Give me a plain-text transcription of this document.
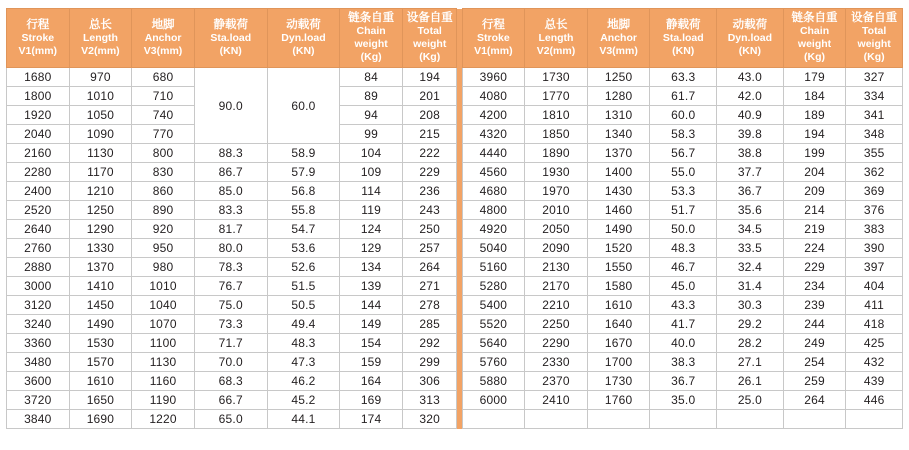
行程
Stroke
V1(mm)	总长
Length
V2(mm)	地脚
Anchor
V3(mm)	静载荷
Sta.load
(KN)	动载荷
Dyn.load
(KN)	链条自重
Chain
weight
(Kg)	设备自重
Total
weight
(Kg)		行程
Stroke
V1(mm)	总长
Length
V2(mm)	地脚
Anchor
V3(mm)	静载荷
Sta.load
(KN)	动载荷
Dyn.load
(KN)	链条自重
Chain
weight
(Kg)	设备自重
Total
weight
(Kg)

1680	970	680	90.0	60.0	84	194		3960	1730	1250	63.3	43.0	179	327
1800	1010	710			89	201		4080	1770	1280	61.7	42.0	184	334
1920	1050	740			94	208		4200	1810	1310	60.0	40.9	189	341
2040	1090	770			99	215		4320	1850	1340	58.3	39.8	194	348
2160	1130	800	88.3	58.9	104	222		4440	1890	1370	56.7	38.8	199	355
2280	1170	830	86.7	57.9	109	229		4560	1930	1400	55.0	37.7	204	362
2400	1210	860	85.0	56.8	114	236		4680	1970	1430	53.3	36.7	209	369
2520	1250	890	83.3	55.8	119	243		4800	2010	1460	51.7	35.6	214	376
2640	1290	920	81.7	54.7	124	250		4920	2050	1490	50.0	34.5	219	383
2760	1330	950	80.0	53.6	129	257		5040	2090	1520	48.3	33.5	224	390
2880	1370	980	78.3	52.6	134	264		5160	2130	1550	46.7	32.4	229	397
3000	1410	1010	76.7	51.5	139	271		5280	2170	1580	45.0	31.4	234	404
3120	1450	1040	75.0	50.5	144	278		5400	2210	1610	43.3	30.3	239	411
3240	1490	1070	73.3	49.4	149	285		5520	2250	1640	41.7	29.2	244	418
3360	1530	1100	71.7	48.3	154	292		5640	2290	1670	40.0	28.2	249	425
3480	1570	1130	70.0	47.3	159	299		5760	2330	1700	38.3	27.1	254	432
3600	1610	1160	68.3	46.2	164	306		5880	2370	1730	36.7	26.1	259	439
3720	1650	1190	66.7	45.2	169	313		6000	2410	1760	35.0	25.0	264	446
3840	1690	1220	65.0	44.1	174	320								
